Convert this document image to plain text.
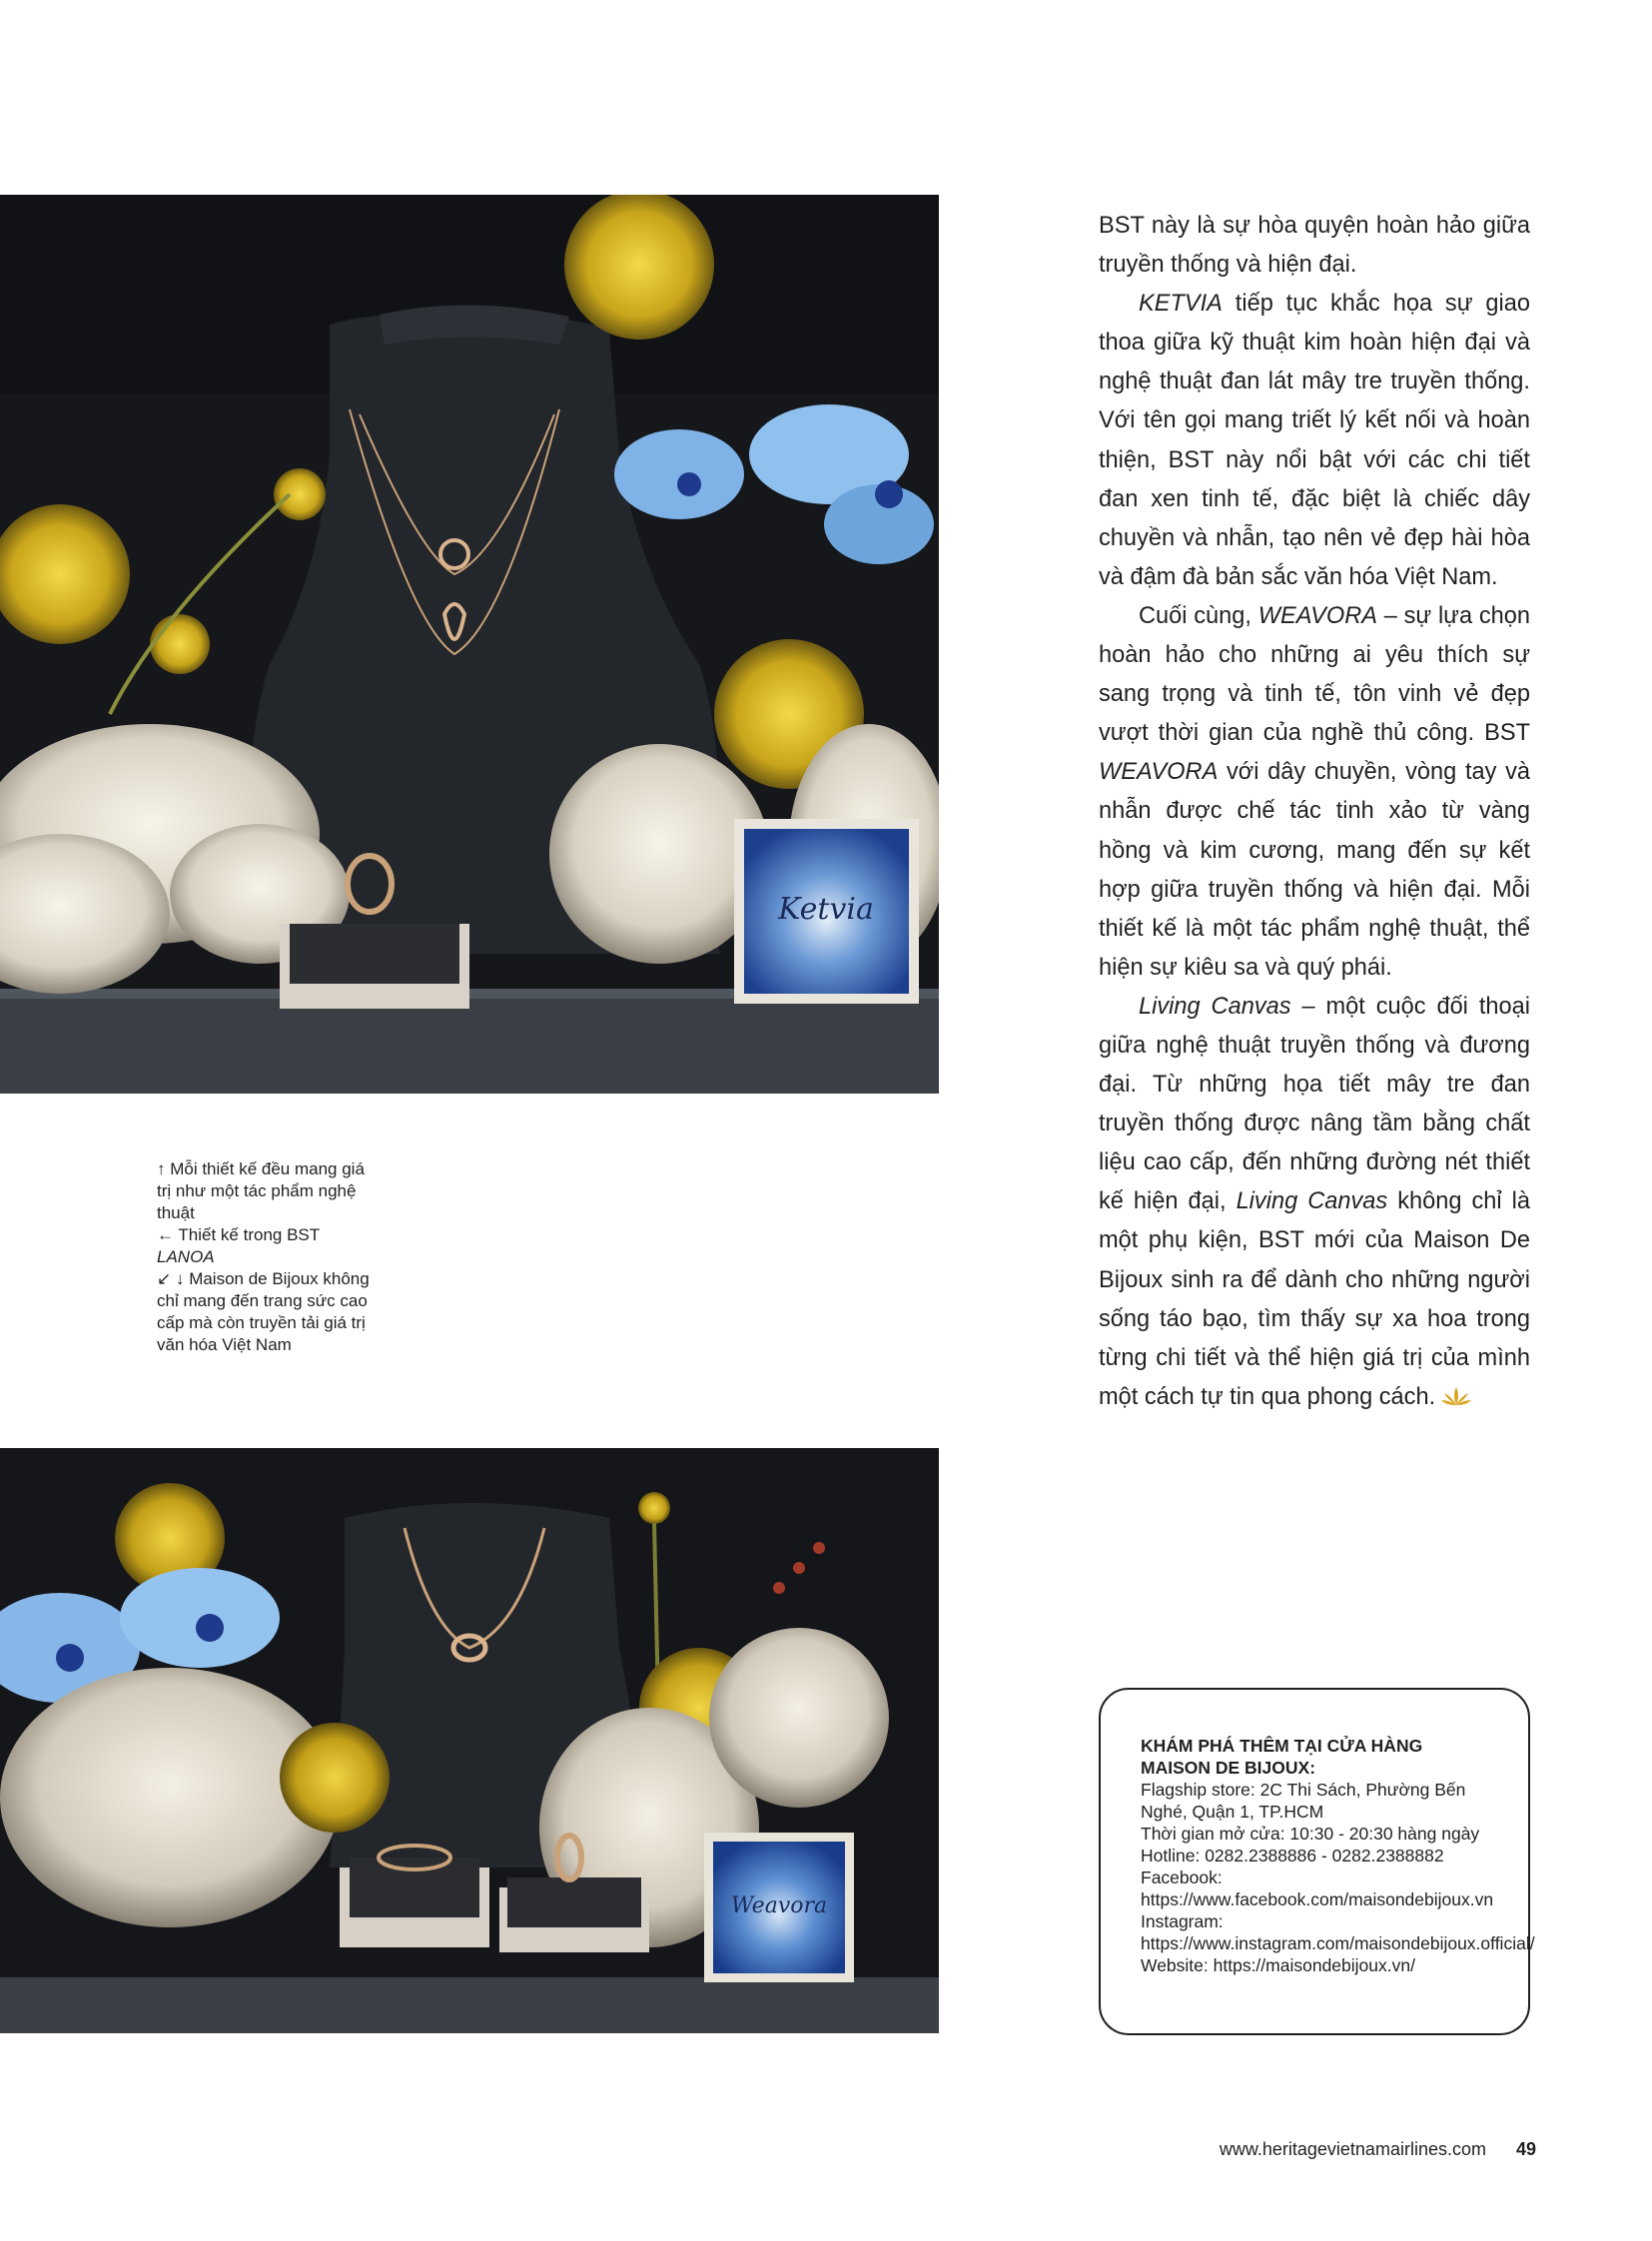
Ketvia

↑ Mỗi thiết kế đều mang giá trị như một tác phẩm nghệ thuật

← Thiết kế trong BST LANOA

↙ ↓ Maison de Bijoux không chỉ mang đến trang sức cao cấp mà còn truyền tải giá trị văn hóa Việt Nam

BST này là sự hòa quyện hoàn hảo giữa truyền thống và hiện đại.

KETVIA tiếp tục khắc họa sự giao thoa giữa kỹ thuật kim hoàn hiện đại và nghệ thuật đan lát mây tre truyền thống. Với tên gọi mang triết lý kết nối và hoàn thiện, BST này nổi bật với các chi tiết đan xen tinh tế, đặc biệt là chiếc dây chuyền và nhẫn, tạo nên vẻ đẹp hài hòa và đậm đà bản sắc văn hóa Việt Nam.

Cuối cùng, WEAVORA – sự lựa chọn hoàn hảo cho những ai yêu thích sự sang trọng và tinh tế, tôn vinh vẻ đẹp vượt thời gian của nghề thủ công. BST WEAVORA với dây chuyền, vòng tay và nhẫn được chế tác tinh xảo từ vàng hồng và kim cương, mang đến sự kết hợp giữa truyền thống và hiện đại. Mỗi thiết kế là một tác phẩm nghệ thuật, thể hiện sự kiêu sa và quý phái.

Living Canvas – một cuộc đối thoại giữa nghệ thuật truyền thống và đương đại. Từ những họa tiết mây tre đan truyền thống được nâng tầm bằng chất liệu cao cấp, đến những đường nét thiết kế hiện đại, Living Canvas không chỉ là một phụ kiện, BST mới của Maison De Bijoux sinh ra để dành cho những người sống táo bạo, tìm thấy sự xa hoa trong từng chi tiết và thể hiện giá trị của mình một cách tự tin qua phong cách.

Weavora

KHÁM PHÁ THÊM TẠI CỬA HÀNG MAISON DE BIJOUX:

Flagship store: 2C Thi Sách, Phường Bến Nghé, Quận 1, TP.HCM

Thời gian mở cửa: 10:30 - 20:30 hàng ngày

Hotline: 0282.2388886 - 0282.2388882

Facebook: https://www.facebook.com/maisondebijoux.vn

Instagram: https://www.instagram.com/maisondebijoux.official/

Website: https://maisondebijoux.vn/

www.heritagevietnamairlines.com 49
